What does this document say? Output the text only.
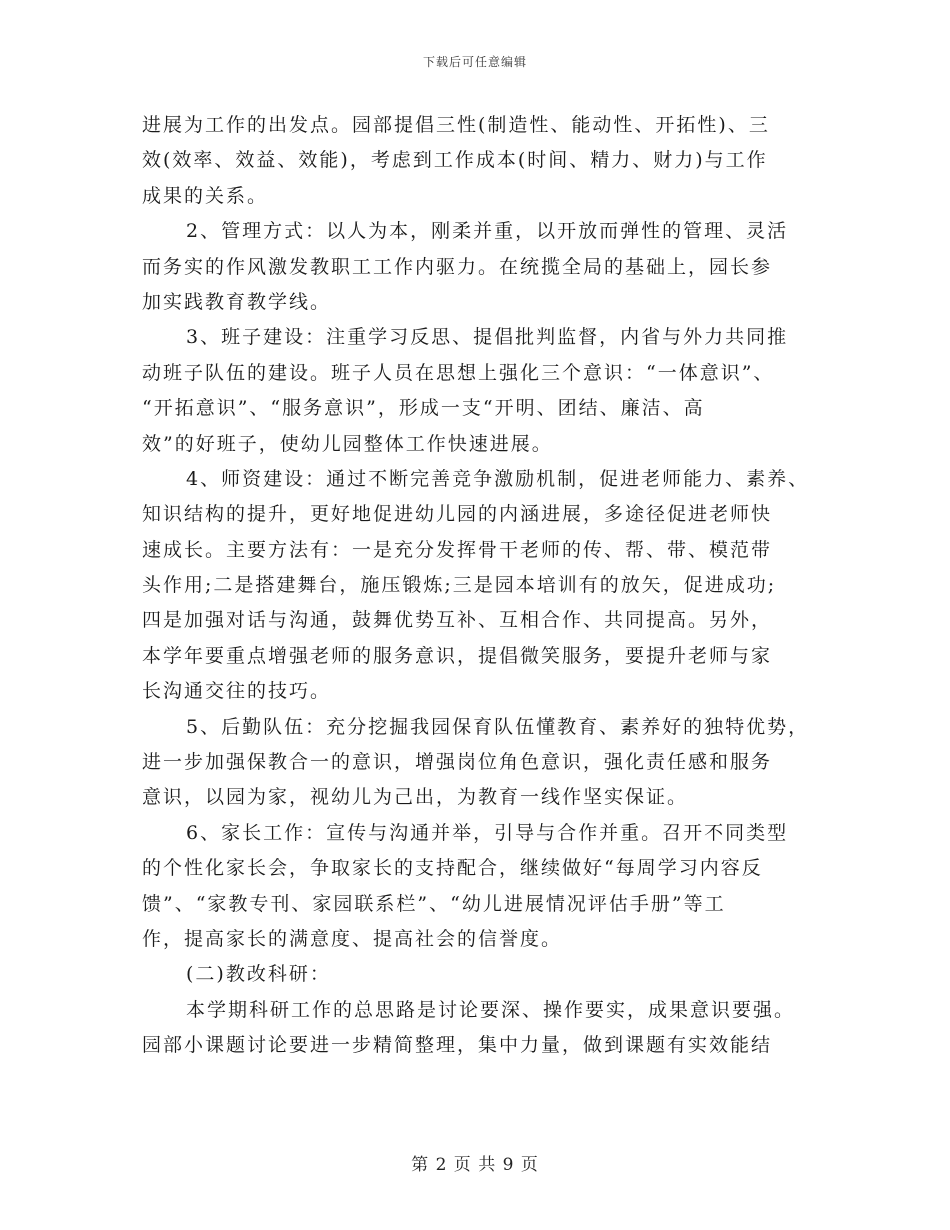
下载后可任意编辑
进展为工作的出发点。园部提倡三性(制造性、能动性、开拓性)、三
效(效率、效益、效能)，考虑到工作成本(时间、精力、财力)与工作
成果的关系。
2、管理方式：以人为本，刚柔并重，以开放而弹性的管理、灵活
而务实的作风激发教职工工作内驱力。在统揽全局的基础上，园长参
加实践教育教学线。
3、班子建设：注重学习反思、提倡批判监督，内省与外力共同推
动班子队伍的建设。班子人员在思想上强化三个意识：“一体意识”、
“开拓意识”、“服务意识”，形成一支“开明、团结、廉洁、高
效”的好班子，使幼儿园整体工作快速进展。
4、师资建设：通过不断完善竞争激励机制，促进老师能力、素养、
知识结构的提升，更好地促进幼儿园的内涵进展，多途径促进老师快
速成长。主要方法有：一是充分发挥骨干老师的传、帮、带、模范带
头作用;二是搭建舞台，施压锻炼;三是园本培训有的放矢，促进成功;
四是加强对话与沟通，鼓舞优势互补、互相合作、共同提高。另外，
本学年要重点增强老师的服务意识，提倡微笑服务，要提升老师与家
长沟通交往的技巧。
5、后勤队伍：充分挖掘我园保育队伍懂教育、素养好的独特优势，
进一步加强保教合一的意识，增强岗位角色意识，强化责任感和服务
意识，以园为家，视幼儿为己出，为教育一线作坚实保证。
6、家长工作：宣传与沟通并举，引导与合作并重。召开不同类型
的个性化家长会，争取家长的支持配合，继续做好“每周学习内容反
馈”、“家教专刊、家园联系栏”、“幼儿进展情况评估手册”等工
作，提高家长的满意度、提高社会的信誉度。
(二)教改科研：
本学期科研工作的总思路是讨论要深、操作要实，成果意识要强。
园部小课题讨论要进一步精简整理，集中力量，做到课题有实效能结
第 2 页 共 9 页
